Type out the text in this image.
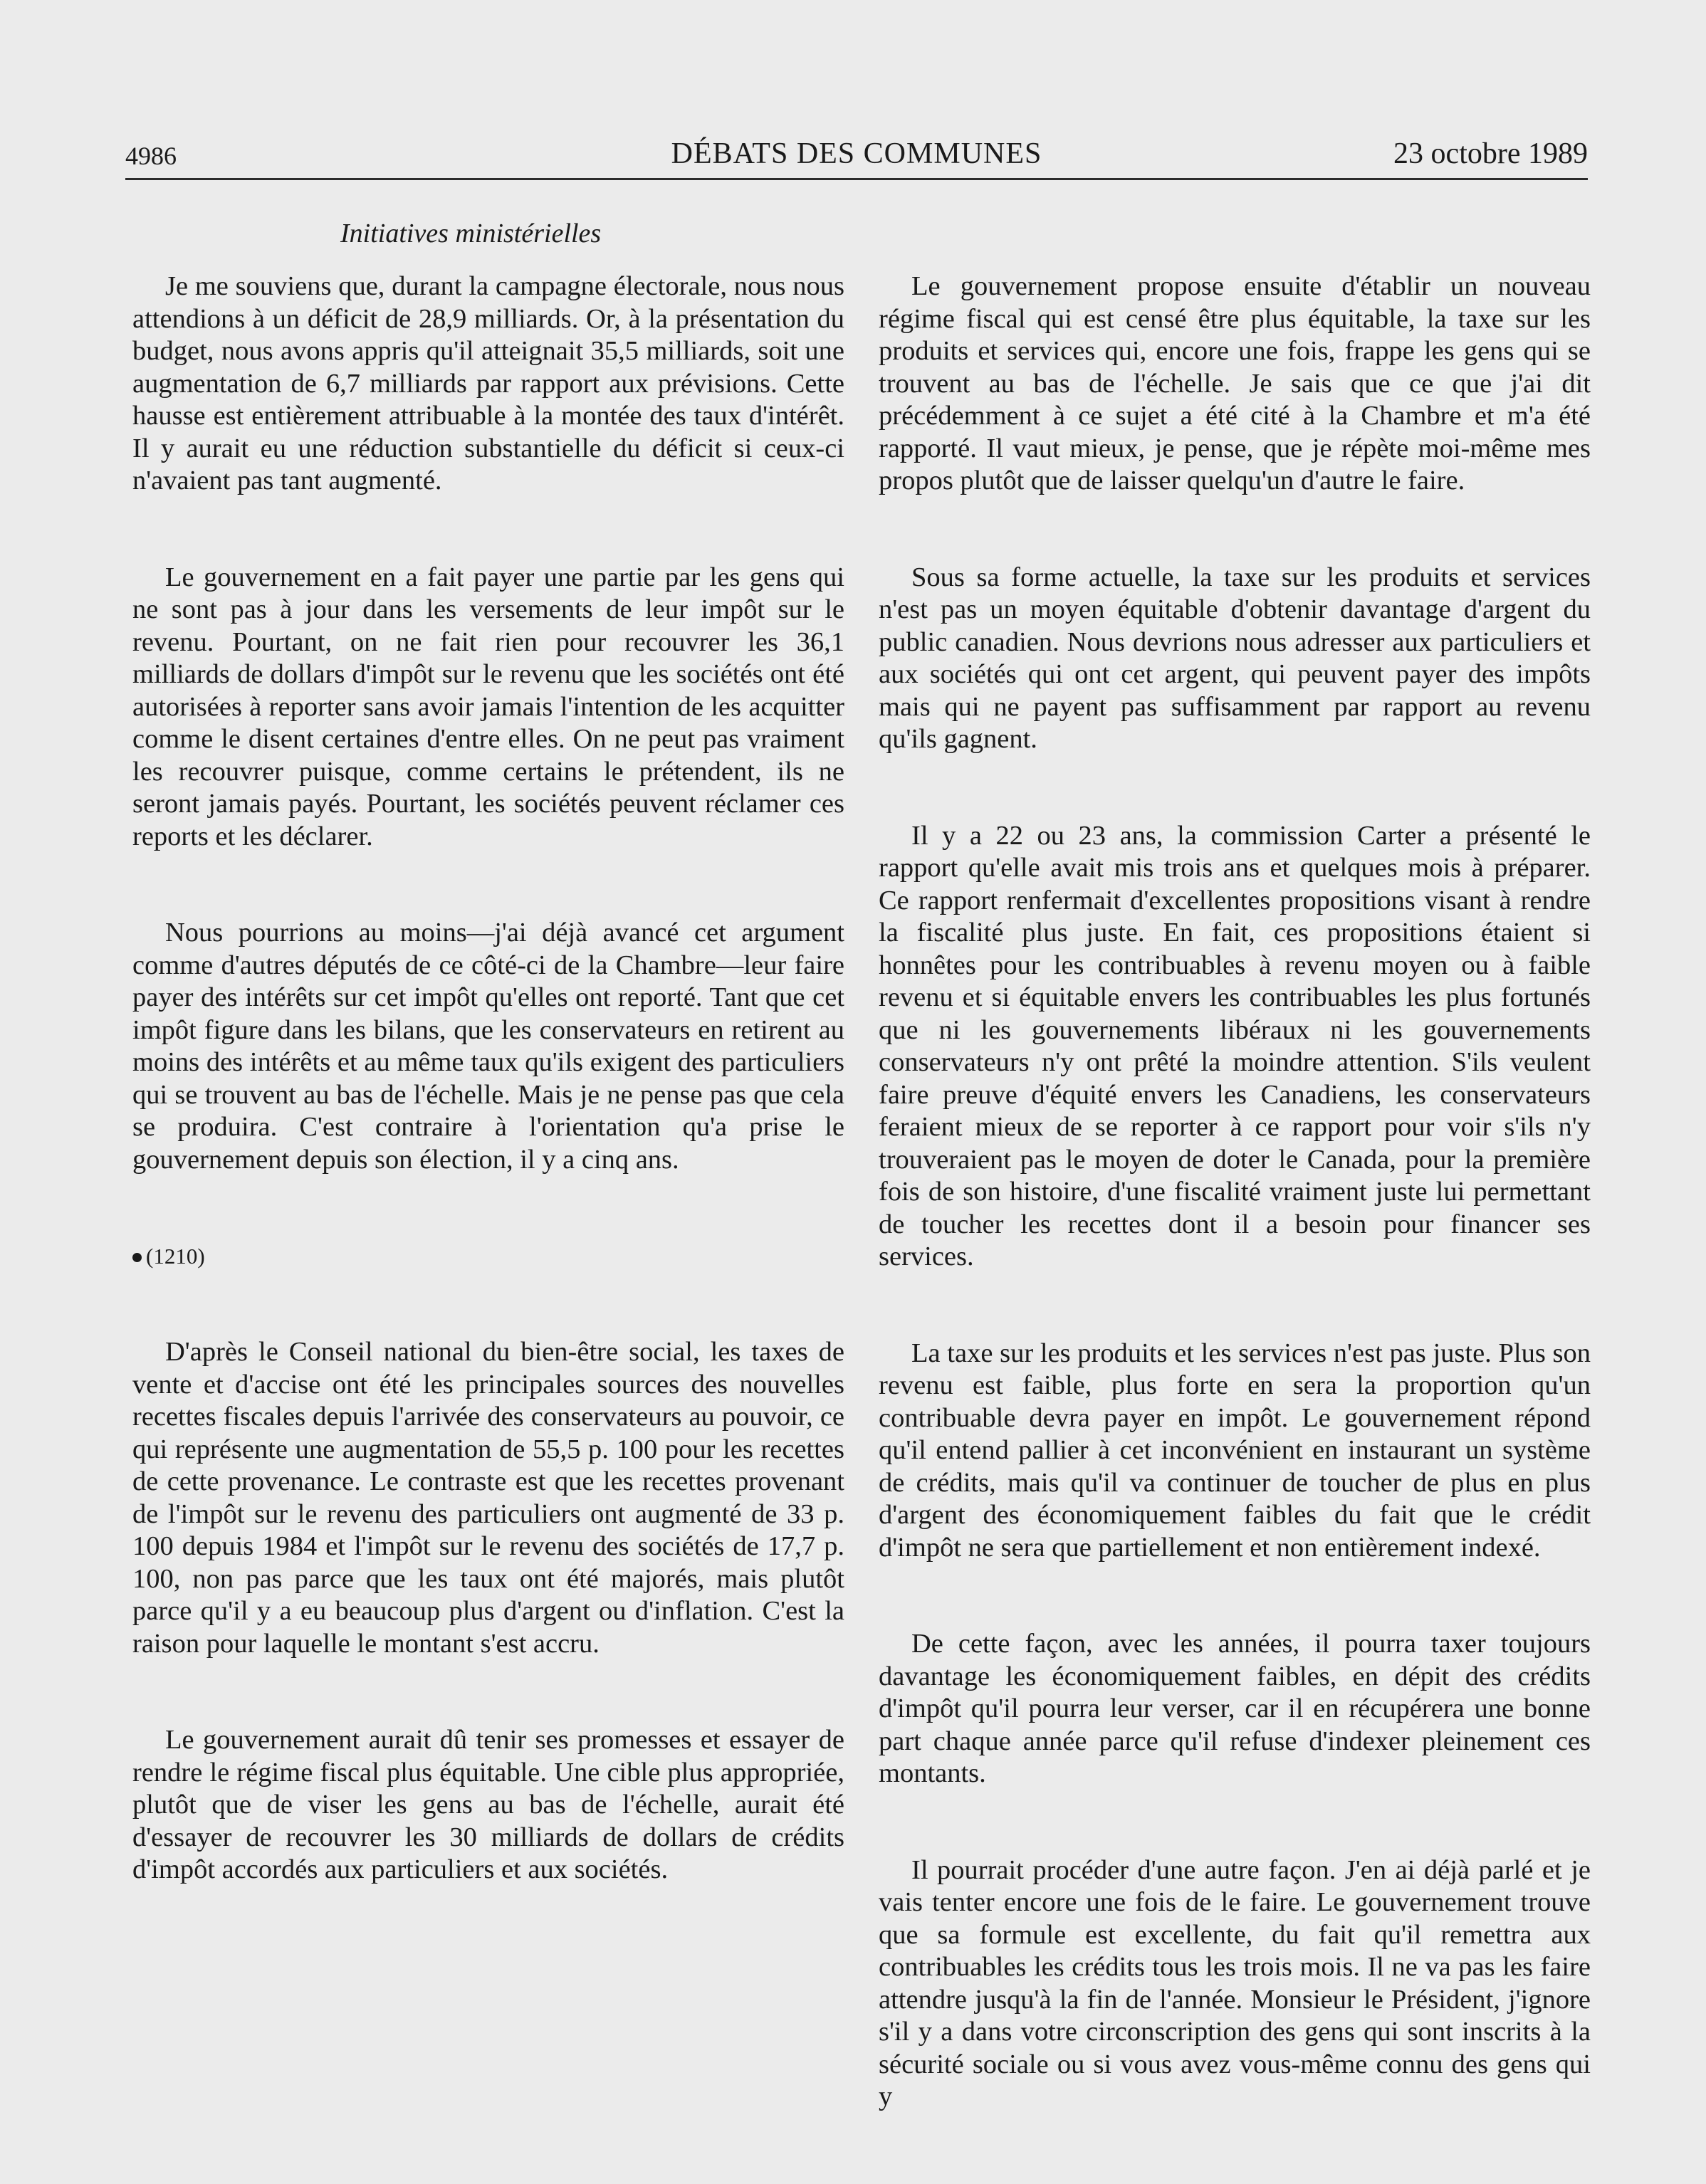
4986	DÉBATS DES COMMUNES	23 octobre 1989
Initiatives ministérielles

Je me souviens que, durant la campagne électorale, nous nous attendions à un déficit de 28,9 milliards. Or, à la présentation du budget, nous avons appris qu'il atteignait 35,5 milliards, soit une augmentation de 6,7 milliards par rapport aux prévisions. Cette hausse est entièrement attribuable à la montée des taux d'intérêt. Il y aurait eu une réduction substantielle du déficit si ceux-ci n'avaient pas tant augmenté.

Le gouvernement en a fait payer une partie par les gens qui ne sont pas à jour dans les versements de leur impôt sur le revenu. Pourtant, on ne fait rien pour recouvrer les 36,1 milliards de dollars d'impôt sur le revenu que les sociétés ont été autorisées à reporter sans avoir jamais l'intention de les acquitter comme le disent certaines d'entre elles. On ne peut pas vraiment les recouvrer puisque, comme certains le prétendent, ils ne seront jamais payés. Pourtant, les sociétés peuvent réclamer ces reports et les déclarer.

Nous pourrions au moins—j'ai déjà avancé cet argument comme d'autres députés de ce côté-ci de la Chambre—leur faire payer des intérêts sur cet impôt qu'elles ont reporté. Tant que cet impôt figure dans les bilans, que les conservateurs en retirent au moins des intérêts et au même taux qu'ils exigent des particuliers qui se trouvent au bas de l'échelle. Mais je ne pense pas que cela se produira. C'est contraire à l'orientation qu'a prise le gouvernement depuis son élection, il y a cinq ans.

(1210)

D'après le Conseil national du bien-être social, les taxes de vente et d'accise ont été les principales sources des nouvelles recettes fiscales depuis l'arrivée des conservateurs au pouvoir, ce qui représente une augmentation de 55,5 p. 100 pour les recettes de cette provenance. Le contraste est que les recettes provenant de l'impôt sur le revenu des particuliers ont augmenté de 33 p. 100 depuis 1984 et l'impôt sur le revenu des sociétés de 17,7 p. 100, non pas parce que les taux ont été majorés, mais plutôt parce qu'il y a eu beaucoup plus d'argent ou d'inflation. C'est la raison pour laquelle le montant s'est accru.

Le gouvernement aurait dû tenir ses promesses et essayer de rendre le régime fiscal plus équitable. Une cible plus appropriée, plutôt que de viser les gens au bas de l'échelle, aurait été d'essayer de recouvrer les 30 milliards de dollars de crédits d'impôt accordés aux particuliers et aux sociétés.

Le gouvernement propose ensuite d'établir un nouveau régime fiscal qui est censé être plus équitable, la taxe sur les produits et services qui, encore une fois, frappe les gens qui se trouvent au bas de l'échelle. Je sais que ce que j'ai dit précédemment à ce sujet a été cité à la Chambre et m'a été rapporté. Il vaut mieux, je pense, que je répète moi-même mes propos plutôt que de laisser quelqu'un d'autre le faire.

Sous sa forme actuelle, la taxe sur les produits et services n'est pas un moyen équitable d'obtenir davantage d'argent du public canadien. Nous devrions nous adresser aux particuliers et aux sociétés qui ont cet argent, qui peuvent payer des impôts mais qui ne payent pas suffisamment par rapport au revenu qu'ils gagnent.

Il y a 22 ou 23 ans, la commission Carter a présenté le rapport qu'elle avait mis trois ans et quelques mois à préparer. Ce rapport renfermait d'excellentes propositions visant à rendre la fiscalité plus juste. En fait, ces propositions étaient si honnêtes pour les contribuables à revenu moyen ou à faible revenu et si équitable envers les contribuables les plus fortunés que ni les gouvernements libéraux ni les gouvernements conservateurs n'y ont prêté la moindre attention. S'ils veulent faire preuve d'équité envers les Canadiens, les conservateurs feraient mieux de se reporter à ce rapport pour voir s'ils n'y trouveraient pas le moyen de doter le Canada, pour la première fois de son histoire, d'une fiscalité vraiment juste lui permettant de toucher les recettes dont il a besoin pour financer ses services.

La taxe sur les produits et les services n'est pas juste. Plus son revenu est faible, plus forte en sera la proportion qu'un contribuable devra payer en impôt. Le gouvernement répond qu'il entend pallier à cet inconvénient en instaurant un système de crédits, mais qu'il va continuer de toucher de plus en plus d'argent des économiquement faibles du fait que le crédit d'impôt ne sera que partiellement et non entièrement indexé.

De cette façon, avec les années, il pourra taxer toujours davantage les économiquement faibles, en dépit des crédits d'impôt qu'il pourra leur verser, car il en récupérera une bonne part chaque année parce qu'il refuse d'indexer pleinement ces montants.

Il pourrait procéder d'une autre façon. J'en ai déjà parlé et je vais tenter encore une fois de le faire. Le gouvernement trouve que sa formule est excellente, du fait qu'il remettra aux contribuables les crédits tous les trois mois. Il ne va pas les faire attendre jusqu'à la fin de l'année. Monsieur le Président, j'ignore s'il y a dans votre circonscription des gens qui sont inscrits à la sécurité sociale ou si vous avez vous-même connu des gens qui y
